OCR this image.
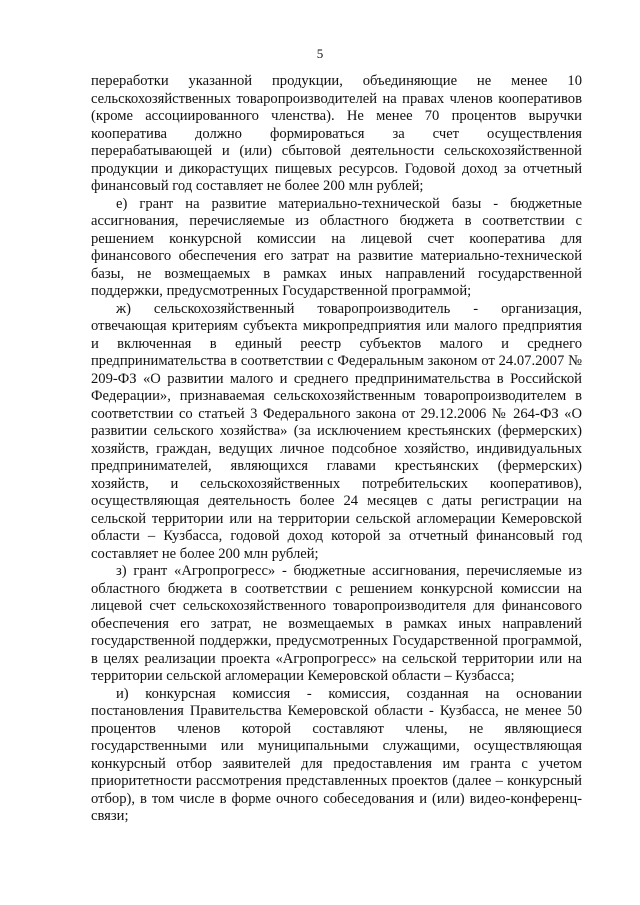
5

переработки указанной продукции, объединяющие не менее 10 сельскохозяйственных товаропроизводителей на правах членов кооперативов (кроме ассоциированного членства). Не менее 70 процентов выручки кооператива должно формироваться за счет осуществления перерабатывающей и (или) сбытовой деятельности сельскохозяйственной продукции и дикорастущих пищевых ресурсов. Годовой доход за отчетный финансовый год составляет не более 200 млн рублей;

е) грант на развитие материально-технической базы - бюджетные ассигнования, перечисляемые из областного бюджета в соответствии с решением конкурсной комиссии на лицевой счет кооператива для финансового обеспечения его затрат на развитие материально-технической базы, не возмещаемых в рамках иных направлений государственной поддержки, предусмотренных Государственной программой;

ж) сельскохозяйственный товаропроизводитель - организация, отвечающая критериям субъекта микропредприятия или малого предприятия и включенная в единый реестр субъектов малого и среднего предпринимательства в соответствии с Федеральным законом от 24.07.2007 № 209-ФЗ «О развитии малого и среднего предпринимательства в Российской Федерации», признаваемая сельскохозяйственным товаропроизводителем в соответствии со статьей 3 Федерального закона от 29.12.2006 № 264-ФЗ «О развитии сельского хозяйства» (за исключением крестьянских (фермерских) хозяйств, граждан, ведущих личное подсобное хозяйство, индивидуальных предпринимателей, являющихся главами крестьянских (фермерских) хозяйств, и сельскохозяйственных потребительских кооперативов), осуществляющая деятельность более 24 месяцев с даты регистрации на сельской территории или на территории сельской агломерации Кемеровской области – Кузбасса, годовой доход которой за отчетный финансовый год составляет не более 200 млн рублей;

з) грант «Агропрогресс» - бюджетные ассигнования, перечисляемые из областного бюджета в соответствии с решением конкурсной комиссии на лицевой счет сельскохозяйственного товаропроизводителя для финансового обеспечения его затрат, не возмещаемых в рамках иных направлений государственной поддержки, предусмотренных Государственной программой, в целях реализации проекта «Агропрогресс» на сельской территории или на территории сельской агломерации Кемеровской области – Кузбасса;

и) конкурсная комиссия - комиссия, созданная на основании постановления Правительства Кемеровской области - Кузбасса, не менее 50 процентов членов которой составляют члены, не являющиеся государственными или муниципальными служащими, осуществляющая конкурсный отбор заявителей для предоставления им гранта с учетом приоритетности рассмотрения представленных проектов (далее – конкурсный отбор), в том числе в форме очного собеседования и (или) видео-конференц-связи;
